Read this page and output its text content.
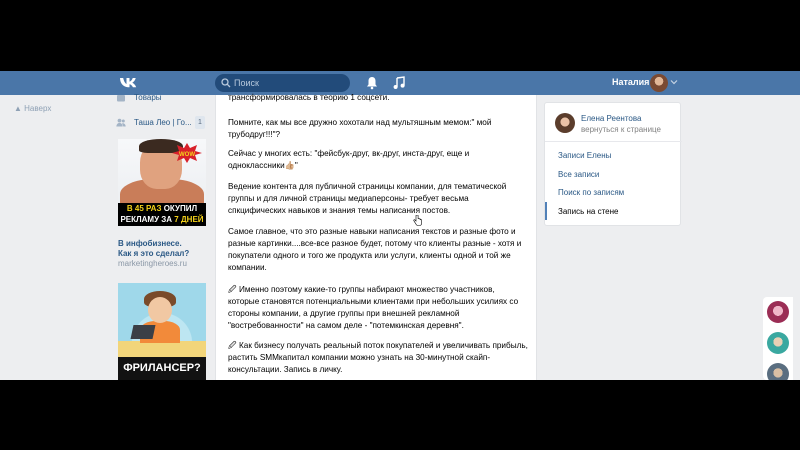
Поиск
Наталия
▲ Наверх
Товары
Таша Лео | Го... 1
WOW
В 45 РАЗ ОКУПИЛ
РЕКЛАМУ ЗА 7 ДНЕЙ
В инфобизнесе.
Как я это сделал?
marketingheroes.ru
ФРИЛАНСЕР?
трансформировалась в теорию 1 соцсети.
Помните, как мы все дружно хохотали над мультяшным мемом:" мой трубодруг!!!"?
Сейчас у многих есть: "фейсбук-друг, вк-друг, инста-друг, еще и одноклассники👍🏼"
Ведение контента для публичной страницы компании, для тематической группы и для личной страницы медиаперсоны- требует весьма спкцифических навыков и знания темы написания постов.
Самое главное, что это разные навыки написания текстов и разные фото и разные картинки....все-все разное будет, потому что клиенты разные - хотя и покупатели одного и того же продукта или услуги, клиенты одной и той же компании.
🖉 Именно поэтому какие-то группы набирают множество участников, которые становятся потенциальными клиентами при небольших усилиях со стороны компании, а другие группы при внешней рекламной "востребованности" на самом деле - "потемкинская деревня".
🖉 Как бизнесу получать реальный поток покупателей и увеличивать прибыль, растить SMMкапитал компании можно узнать на 30-минутной скайп-консультации. Запись в личку.
Елена Реентова
вернуться к странице
Записи Елены
Все записи
Поиск по записям
Запись на стене
